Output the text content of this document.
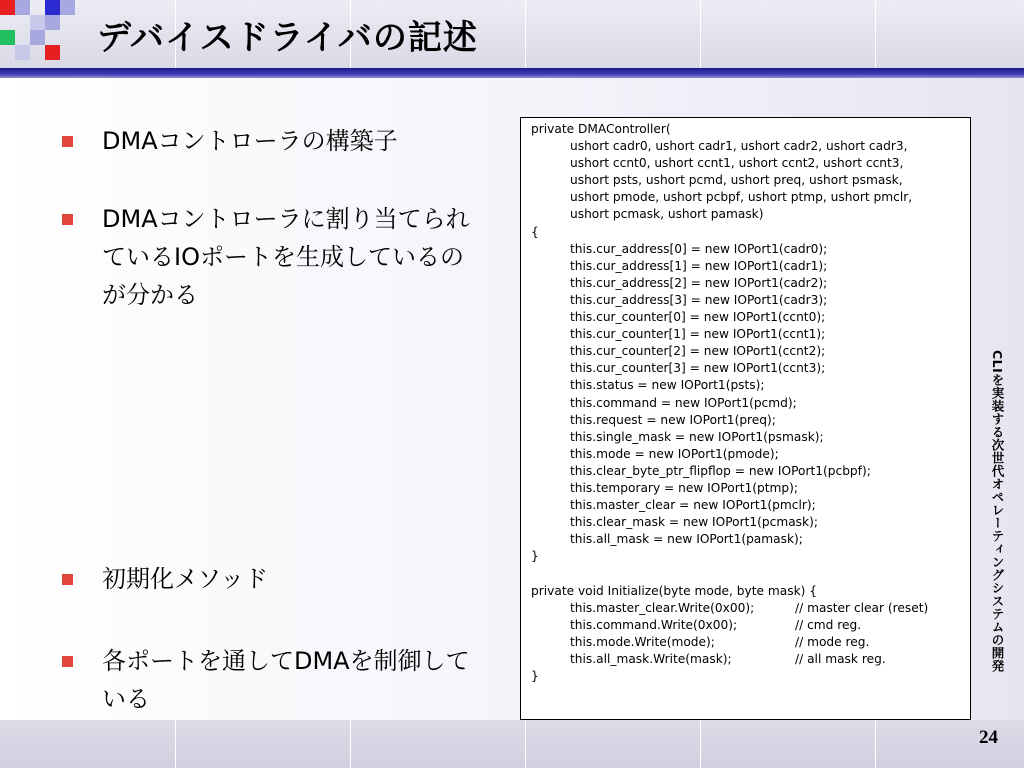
デバイスドライバの記述
DMAコントローラの構築子
DMAコントローラに割り当てられているIOポートを生成しているのが分かる
初期化メソッド
各ポートを通してDMAを制御している
private DMAController(
ushort cadr0, ushort cadr1, ushort cadr2, ushort cadr3,
ushort ccnt0, ushort ccnt1, ushort ccnt2, ushort ccnt3,
ushort psts, ushort pcmd, ushort preq, ushort psmask,
ushort pmode, ushort pcbpf, ushort ptmp, ushort pmclr,
ushort pcmask, ushort pamask)
{
this.cur_address[0] = new IOPort1(cadr0);
this.cur_address[1] = new IOPort1(cadr1);
this.cur_address[2] = new IOPort1(cadr2);
this.cur_address[3] = new IOPort1(cadr3);
this.cur_counter[0] = new IOPort1(ccnt0);
this.cur_counter[1] = new IOPort1(ccnt1);
this.cur_counter[2] = new IOPort1(ccnt2);
this.cur_counter[3] = new IOPort1(ccnt3);
this.status = new IOPort1(psts);
this.command = new IOPort1(pcmd);
this.request = new IOPort1(preq);
this.single_mask = new IOPort1(psmask);
this.mode = new IOPort1(pmode);
this.clear_byte_ptr_flipflop = new IOPort1(pcbpf);
this.temporary = new IOPort1(ptmp);
this.master_clear = new IOPort1(pmclr);
this.clear_mask = new IOPort1(pcmask);
this.all_mask = new IOPort1(pamask);
}
private void Initialize(byte mode, byte mask) {
this.master_clear.Write(0x00);	// master clear (reset)
this.command.Write(0x00);	// cmd reg.
this.mode.Write(mode);	// mode reg.
this.all_mask.Write(mask);	// all mask reg.
}
CLIを実装する次世代オペレーティングシステムの開発
24
